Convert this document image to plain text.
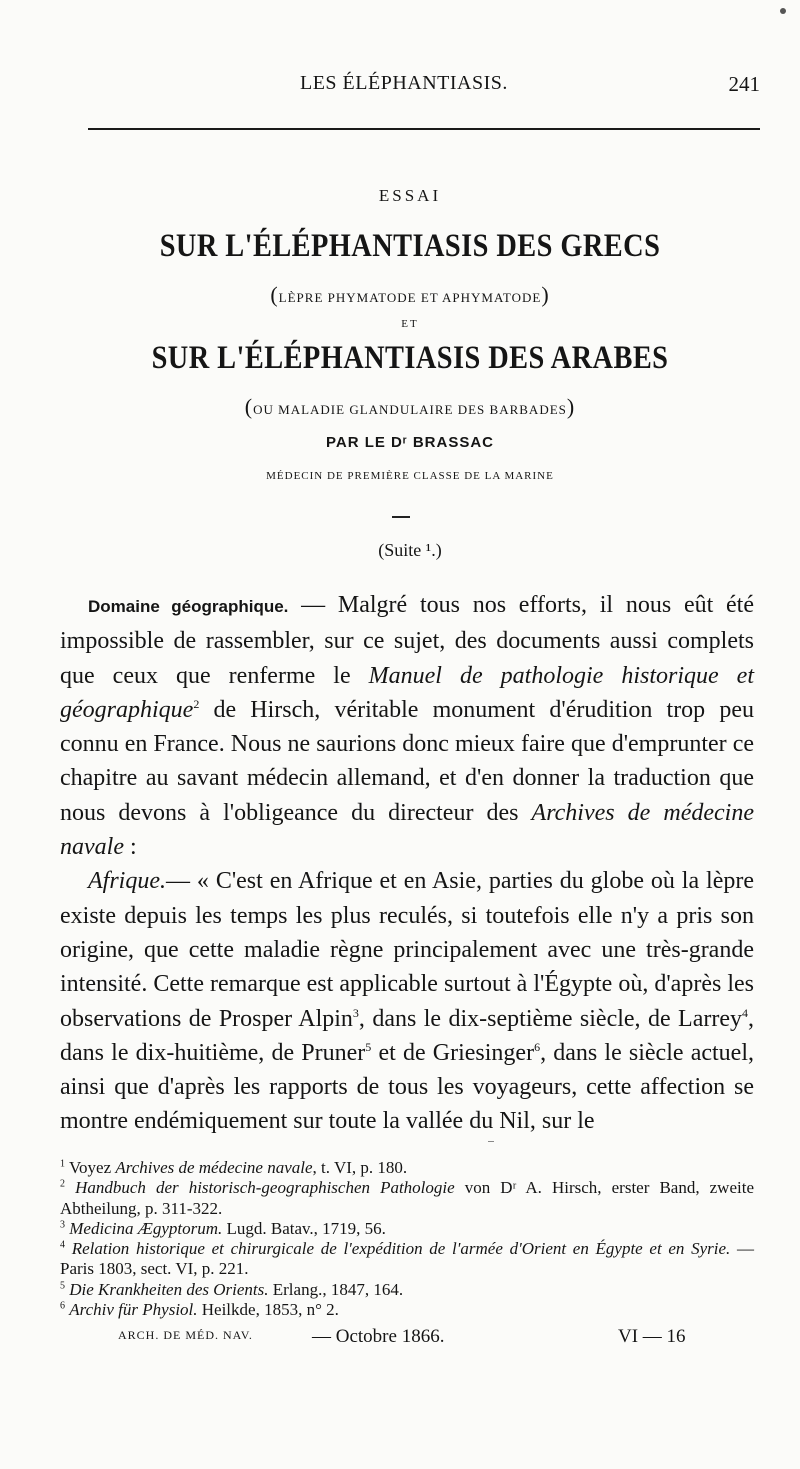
LES ÉLÉPHANTIASIS.	241
ESSAI
SUR L'ÉLÉPHANTIASIS DES GRECS
(LÈPRE PHYMATODE ET APHYMATODE)
ET
SUR L'ÉLÉPHANTIASIS DES ARABES
(OU MALADIE GLANDULAIRE DES BARBADES)
PAR LE Dʳ BRASSAC
MÉDECIN DE PREMIÈRE CLASSE DE LA MARINE
(Suite ¹.)

Domaine géographique. — Malgré tous nos efforts, il nous eût été impossible de rassembler, sur ce sujet, des documents aussi complets que ceux que renferme le Manuel de pathologie historique et géographique$^2$ de Hirsch, véritable monument d'érudition trop peu connu en France. Nous ne saurions donc mieux faire que d'emprunter ce chapitre au savant médecin allemand, et d'en donner la traduction que nous devons à l'obligeance du directeur des Archives de médecine navale :

Afrique.— « C'est en Afrique et en Asie, parties du globe où la lèpre existe depuis les temps les plus reculés, si toutefois elle n'y a pris son origine, que cette maladie règne principalement avec une très-grande intensité. Cette remarque est applicable surtout à l'Égypte où, d'après les observations de Prosper Alpin$^3$, dans le dix-septième siècle, de Larrey$^4$, dans le dix-huitième, de Pruner$^5$ et de Griesinger$^6$, dans le siècle actuel, ainsi que d'après les rapports de tous les voyageurs, cette affection se montre endémiquement sur toute la vallée du Nil, sur le

$^1$ Voyez Archives de médecine navale, t. VI, p. 180.

$^2$ Handbuch der historisch-geographischen Pathologie von Dʳ A. Hirsch, erster Band, zweite Abtheilung, p. 311-322.

$^3$ Medicina Ægyptorum. Lugd. Batav., 1719, 56.

$^4$ Relation historique et chirurgicale de l'expédition de l'armée d'Orient en Égypte et en Syrie. — Paris 1803, sect. VI, p. 221.

$^5$ Die Krankheiten des Orients. Erlang., 1847, 164.

$^6$ Archiv für Physiol. Heilkde, 1853, n° 2.

ARCH. DE MÉD. NAV.	— Octobre 1866.	VI — 16
